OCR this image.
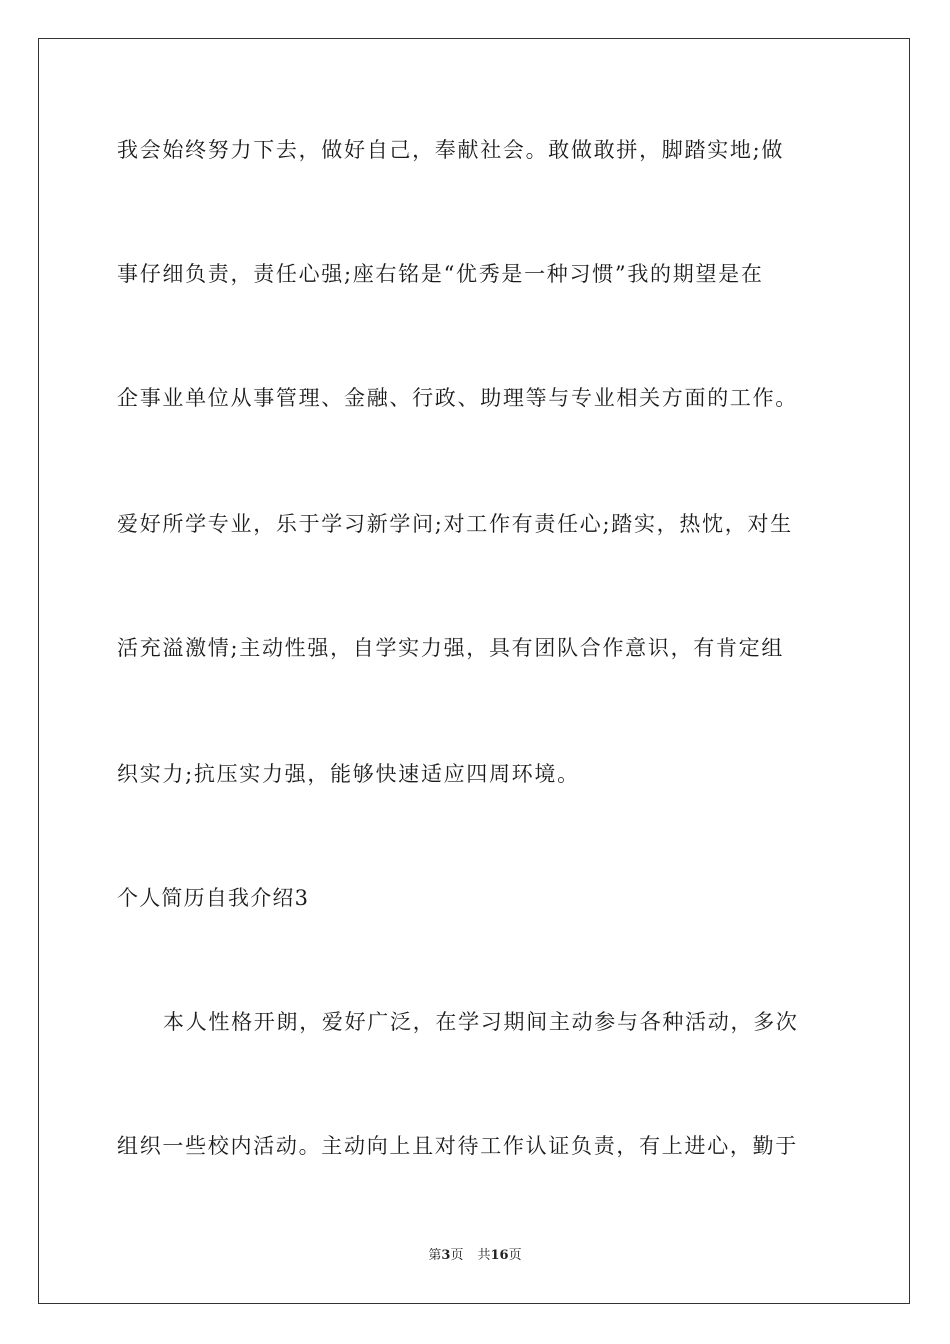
我会始终努力下去，做好自己，奉献社会。敢做敢拼，脚踏实地;做
事仔细负责，责任心强;座右铭是“优秀是一种习惯”我的期望是在
企事业单位从事管理、金融、行政、助理等与专业相关方面的工作。
爱好所学专业，乐于学习新学问;对工作有责任心;踏实，热忱，对生
活充溢激情;主动性强，自学实力强，具有团队合作意识，有肯定组
织实力;抗压实力强，能够快速适应四周环境。
个人简历自我介绍3
本人性格开朗，爱好广泛，在学习期间主动参与各种活动，多次
组织一些校内活动。主动向上且对待工作认证负责，有上进心，勤于
第3页 共16页
